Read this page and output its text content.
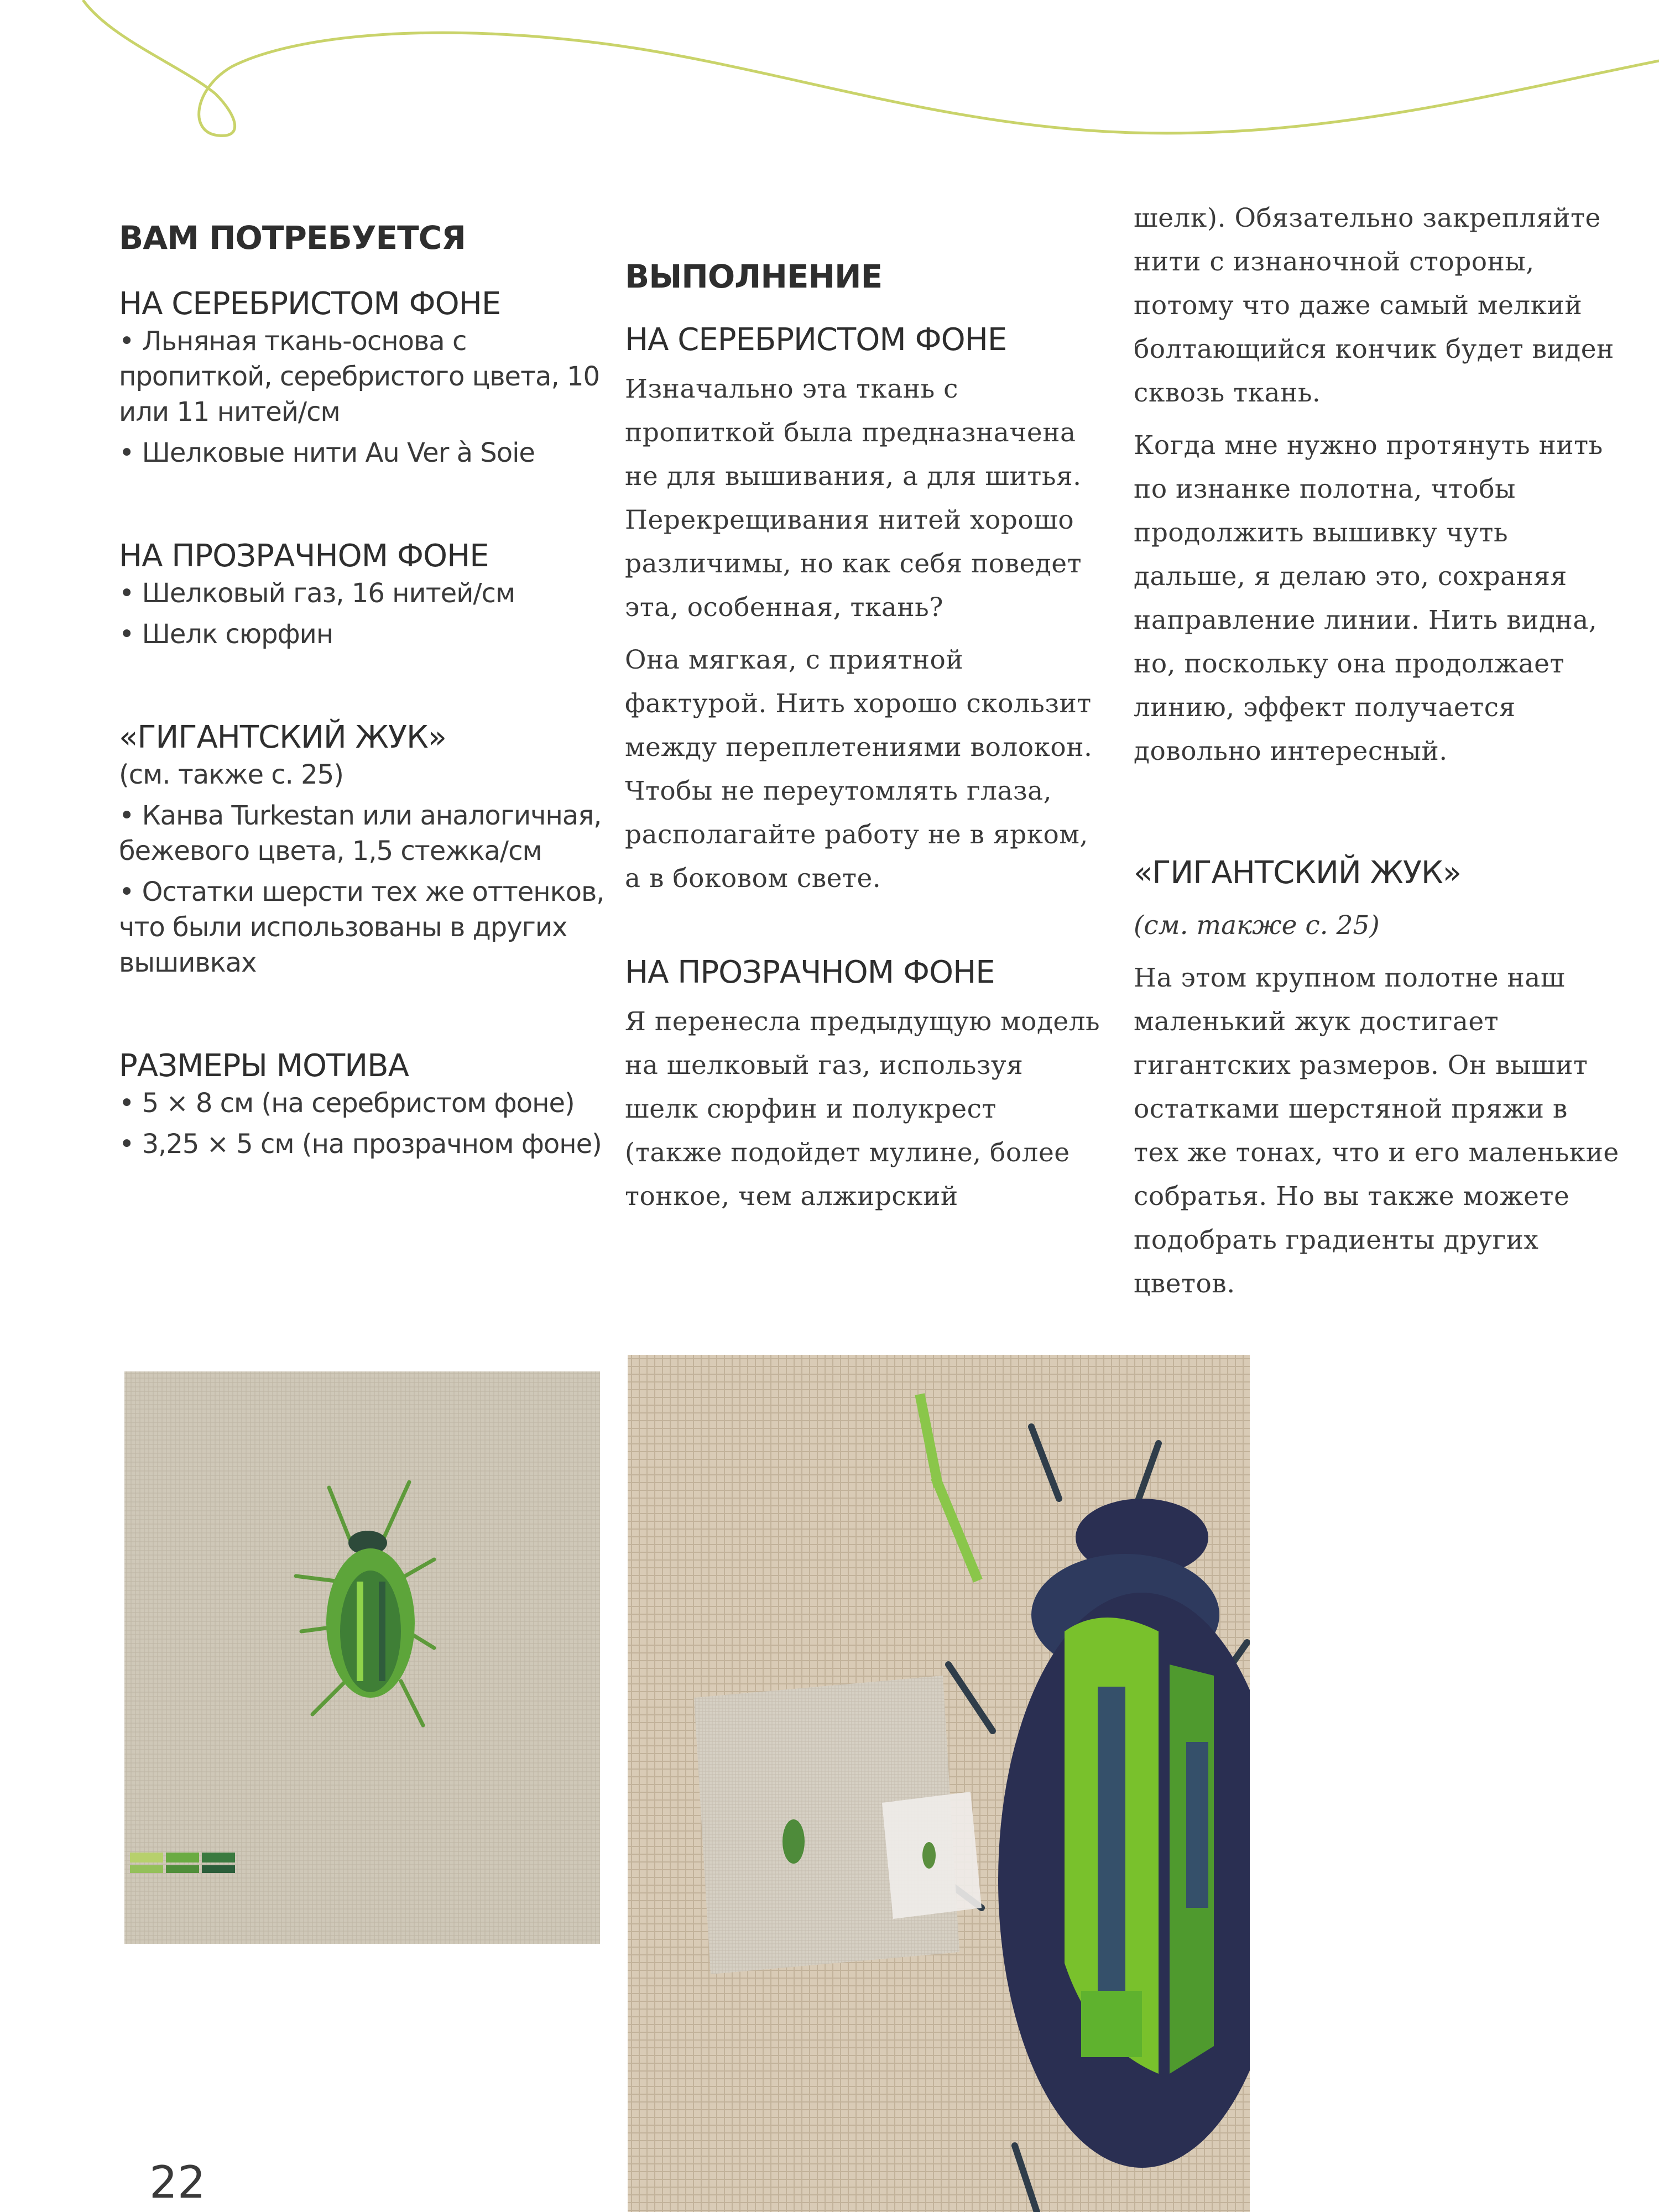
ВАМ ПОТРЕБУЕТСЯ
НА СЕРЕБРИСТОМ ФОНЕ
• Льняная ткань-основа с пропиткой, серебристого цвета, 10 или 11 нитей/см
• Шелковые нити Au Ver à Soie
НА ПРОЗРАЧНОМ ФОНЕ
• Шелковый газ, 16 нитей/см
• Шелк сюрфин
«ГИГАНТСКИЙ ЖУК»
(см. также с. 25)
• Канва Turkestan или аналогичная, бежевого цвета, 1,5 стежка/см
• Остатки шерсти тех же оттенков, что были использованы в других вышивках
РАЗМЕРЫ МОТИВА
• 5 × 8 см (на серебристом фоне)
• 3,25 × 5 см (на прозрачном фоне)
ВЫПОЛНЕНИЕ
НА СЕРЕБРИСТОМ ФОНЕ

Изначально эта ткань с пропиткой была предназначена не для вышивания, а для шитья. Перекрещивания нитей хорошо различимы, но как себя поведет эта, особенная, ткань?

Она мягкая, с приятной фактурой. Нить хорошо скользит между переплетениями волокон. Чтобы не переутомлять глаза, располагайте работу не в ярком, а в боковом свете.

НА ПРОЗРАЧНОМ ФОНЕ

Я перенесла предыдущую модель на шелковый газ, используя шелк сюрфин и полукрест (также подойдет мулине, более тонкое, чем алжирский

шелк). Обязательно закрепляйте нити с изнаночной стороны, потому что даже самый мелкий болтающийся кончик будет виден сквозь ткань.

Когда мне нужно протянуть нить по изнанке полотна, чтобы продолжить вышивку чуть дальше, я делаю это, сохраняя направление линии. Нить видна, но, поскольку она продолжает линию, эффект получается довольно интересный.

«ГИГАНТСКИЙ ЖУК»

(см. также с. 25)

На этом крупном полотне наш маленький жук достигает гигантских размеров. Он вышит остатками шерстяной пряжи в тех же тонах, что и его маленькие собратья. Но вы также можете подобрать градиенты других цветов.

22
